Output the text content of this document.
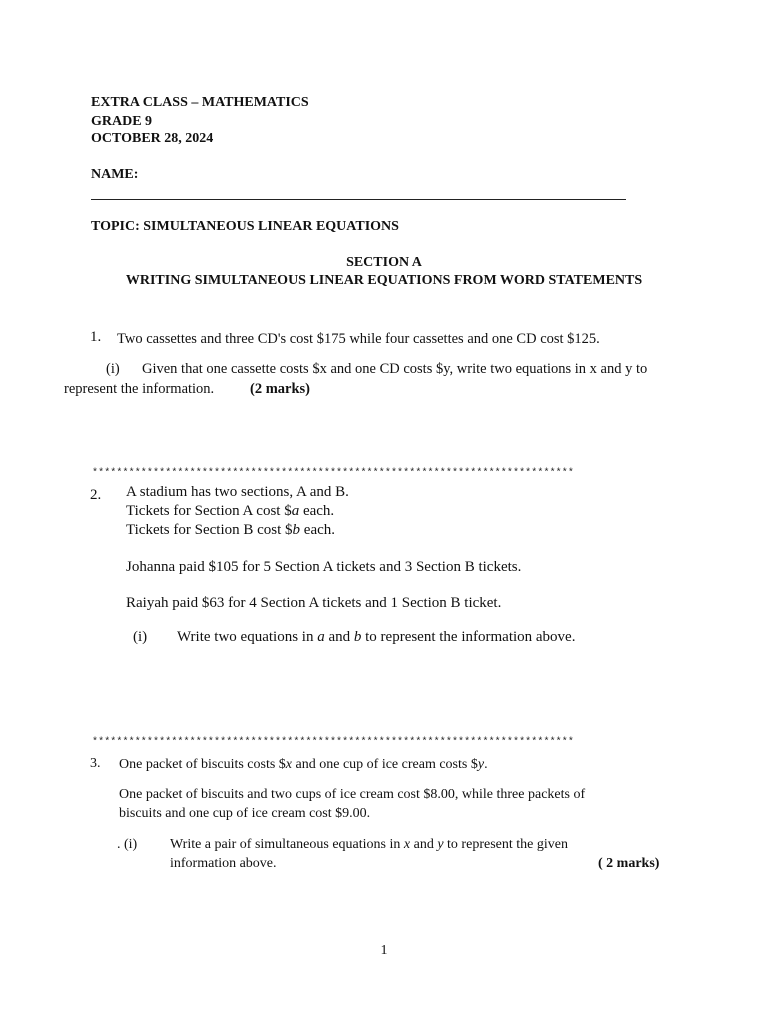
EXTRA CLASS – MATHEMATICS
GRADE 9
OCTOBER 28, 2024
NAME:
TOPIC: SIMULTANEOUS LINEAR EQUATIONS
SECTION A
WRITING SIMULTANEOUS LINEAR EQUATIONS FROM WORD STATEMENTS
1. Two cassettes and three CD's cost $175 while four cassettes and one CD cost $125.
(i) Given that one cassette costs $x and one CD costs $y, write two equations in x and y to
represent the information. (2 marks)
*******************************************************************************
2. A stadium has two sections, A and B.
Tickets for Section A cost $a each.
Tickets for Section B cost $b each.
Johanna paid $105 for 5 Section A tickets and 3 Section B tickets.
Raiyah paid $63 for 4 Section A tickets and 1 Section B ticket.
(i) Write two equations in a and b to represent the information above.
*******************************************************************************
3. One packet of biscuits costs $x and one cup of ice cream costs $y.
One packet of biscuits and two cups of ice cream cost $8.00, while three packets of
biscuits and one cup of ice cream cost $9.00.
. (i) Write a pair of simultaneous equations in x and y to represent the given
information above.	( 2 marks)
1
